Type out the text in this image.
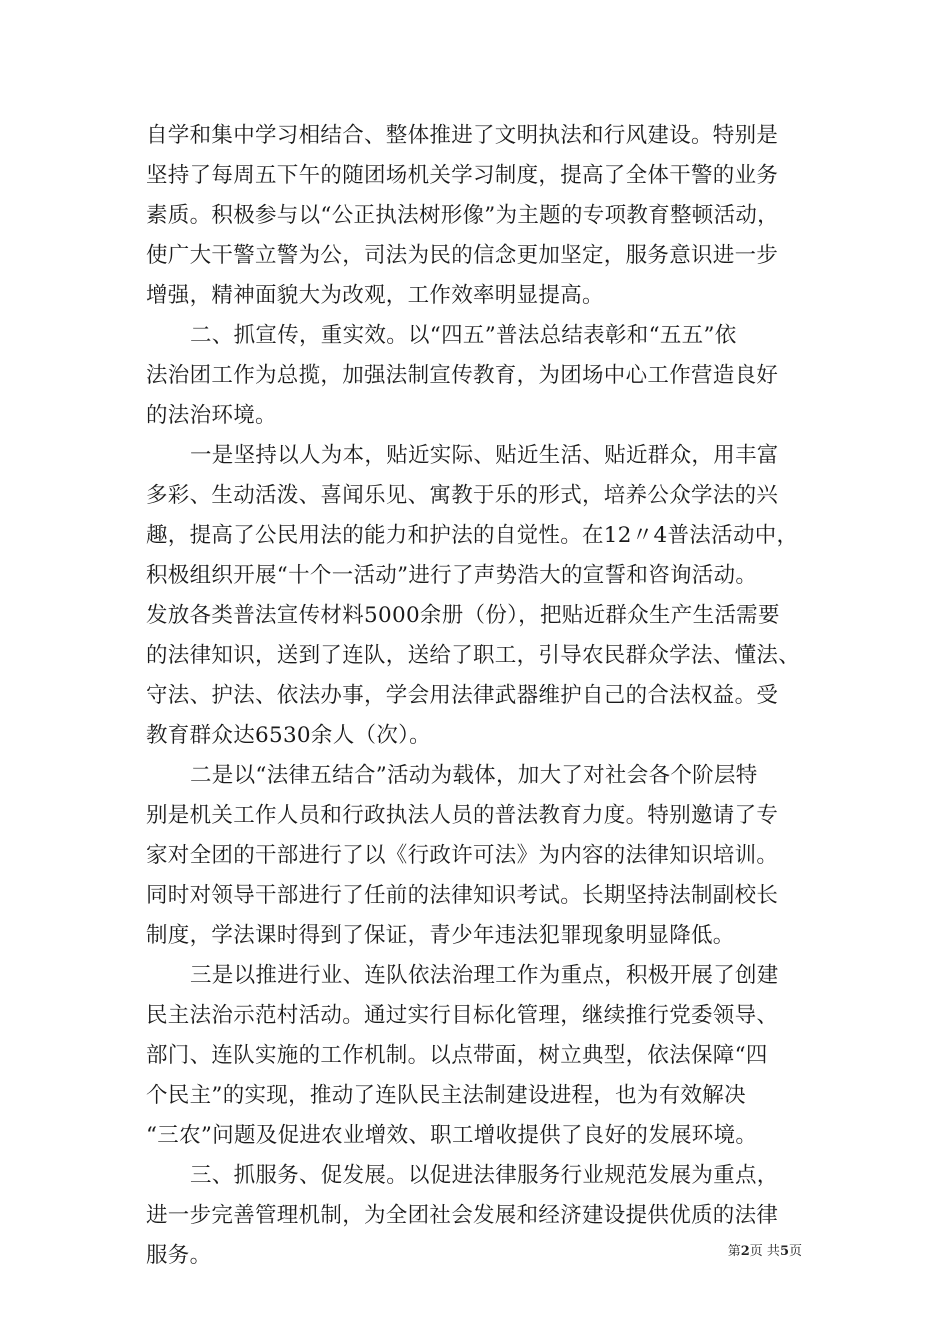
自学和集中学习相结合、整体推进了文明执法和行风建设。特别是
坚持了每周五下午的随团场机关学习制度，提高了全体干警的业务
素质。积极参与以“公正执法树形像”为主题的专项教育整顿活动，
使广大干警立警为公，司法为民的信念更加坚定，服务意识进一步
增强，精神面貌大为改观，工作效率明显提高。
二、抓宣传，重实效。以“四五”普法总结表彰和“五五”依
法治团工作为总揽，加强法制宣传教育，为团场中心工作营造良好
的法治环境。
一是坚持以人为本，贴近实际、贴近生活、贴近群众，用丰富
多彩、生动活泼、喜闻乐见、寓教于乐的形式，培养公众学法的兴
趣，提高了公民用法的能力和护法的自觉性。在12〃4普法活动中，
积极组织开展“十个一活动”进行了声势浩大的宣誓和咨询活动。
发放各类普法宣传材料5000余册（份），把贴近群众生产生活需要
的法律知识，送到了连队，送给了职工，引导农民群众学法、懂法、
守法、护法、依法办事，学会用法律武器维护自己的合法权益。受
教育群众达6530余人（次）。
二是以“法律五结合”活动为载体，加大了对社会各个阶层特
别是机关工作人员和行政执法人员的普法教育力度。特别邀请了专
家对全团的干部进行了以《行政许可法》为内容的法律知识培训。
同时对领导干部进行了任前的法律知识考试。长期坚持法制副校长
制度，学法课时得到了保证，青少年违法犯罪现象明显降低。
三是以推进行业、连队依法治理工作为重点，积极开展了创建
民主法治示范村活动。通过实行目标化管理，继续推行党委领导、
部门、连队实施的工作机制。以点带面，树立典型，依法保障“四
个民主”的实现，推动了连队民主法制建设进程，也为有效解决
“三农”问题及促进农业增效、职工增收提供了良好的发展环境。
三、抓服务、促发展。以促进法律服务行业规范发展为重点，
进一步完善管理机制，为全团社会发展和经济建设提供优质的法律
服务。	第2页 共5页
